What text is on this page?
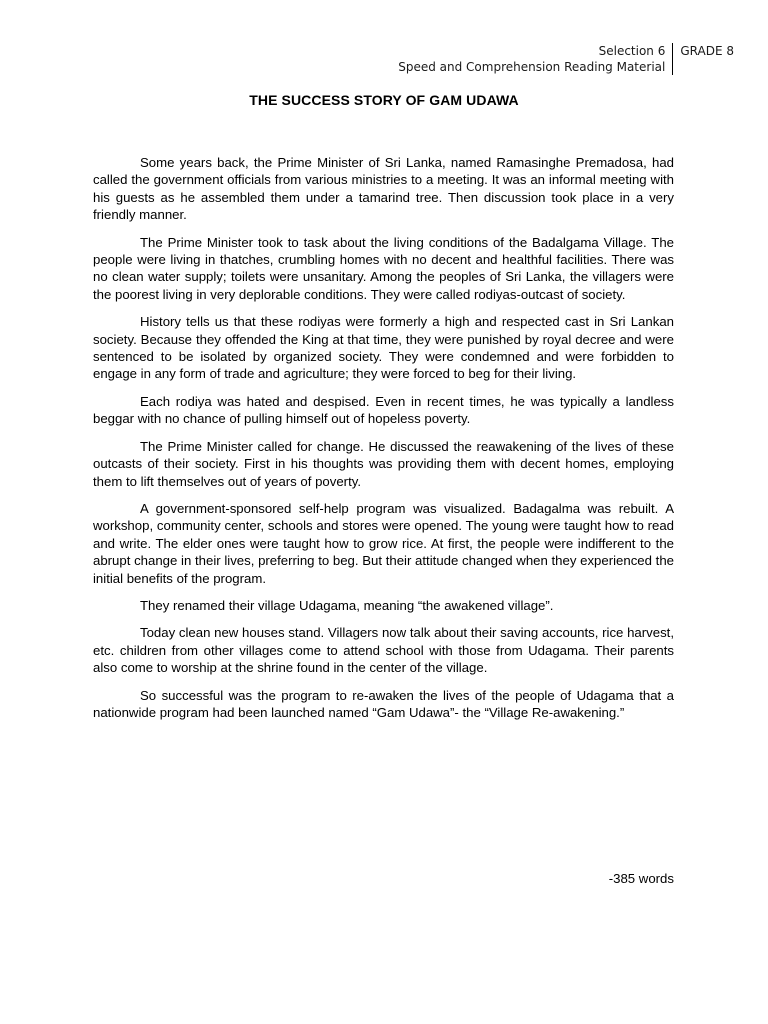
Selection 6
Speed and Comprehension Reading Material
GRADE 8
THE SUCCESS STORY OF GAM UDAWA

Some years back, the Prime Minister of Sri Lanka, named Ramasinghe Premadosa, had called the government officials from various ministries to a meeting. It was an informal meeting with his guests as he assembled them under a tamarind tree. Then discussion took place in a very friendly manner.

The Prime Minister took to task about the living conditions of the Badalgama Village. The people were living in thatches, crumbling homes with no decent and healthful facilities. There was no clean water supply; toilets were unsanitary. Among the peoples of Sri Lanka, the villagers were the poorest living in very deplorable conditions. They were called rodiyas-outcast of society.

History tells us that these rodiyas were formerly a high and respected cast in Sri Lankan society. Because they offended the King at that time, they were punished by royal decree and were sentenced to be isolated by organized society. They were condemned and were forbidden to engage in any form of trade and agriculture; they were forced to beg for their living.

Each rodiya was hated and despised. Even in recent times, he was typically a landless beggar with no chance of pulling himself out of hopeless poverty.

The Prime Minister called for change. He discussed the reawakening of the lives of these outcasts of their society. First in his thoughts was providing them with decent homes, employing them to lift themselves out of years of poverty.

A government-sponsored self-help program was visualized. Badagalma was rebuilt. A workshop, community center, schools and stores were opened. The young were taught how to read and write. The elder ones were taught how to grow rice. At first, the people were indifferent to the abrupt change in their lives, preferring to beg. But their attitude changed when they experienced the initial benefits of the program.

They renamed their village Udagama, meaning “the awakened village”.

Today clean new houses stand. Villagers now talk about their saving accounts, rice harvest, etc. children from other villages come to attend school with those from Udagama. Their parents also come to worship at the shrine found in the center of the village.

So successful was the program to re-awaken the lives of the people of Udagama that a nationwide program had been launched named “Gam Udawa”- the “Village Re-awakening.”

-385 words
